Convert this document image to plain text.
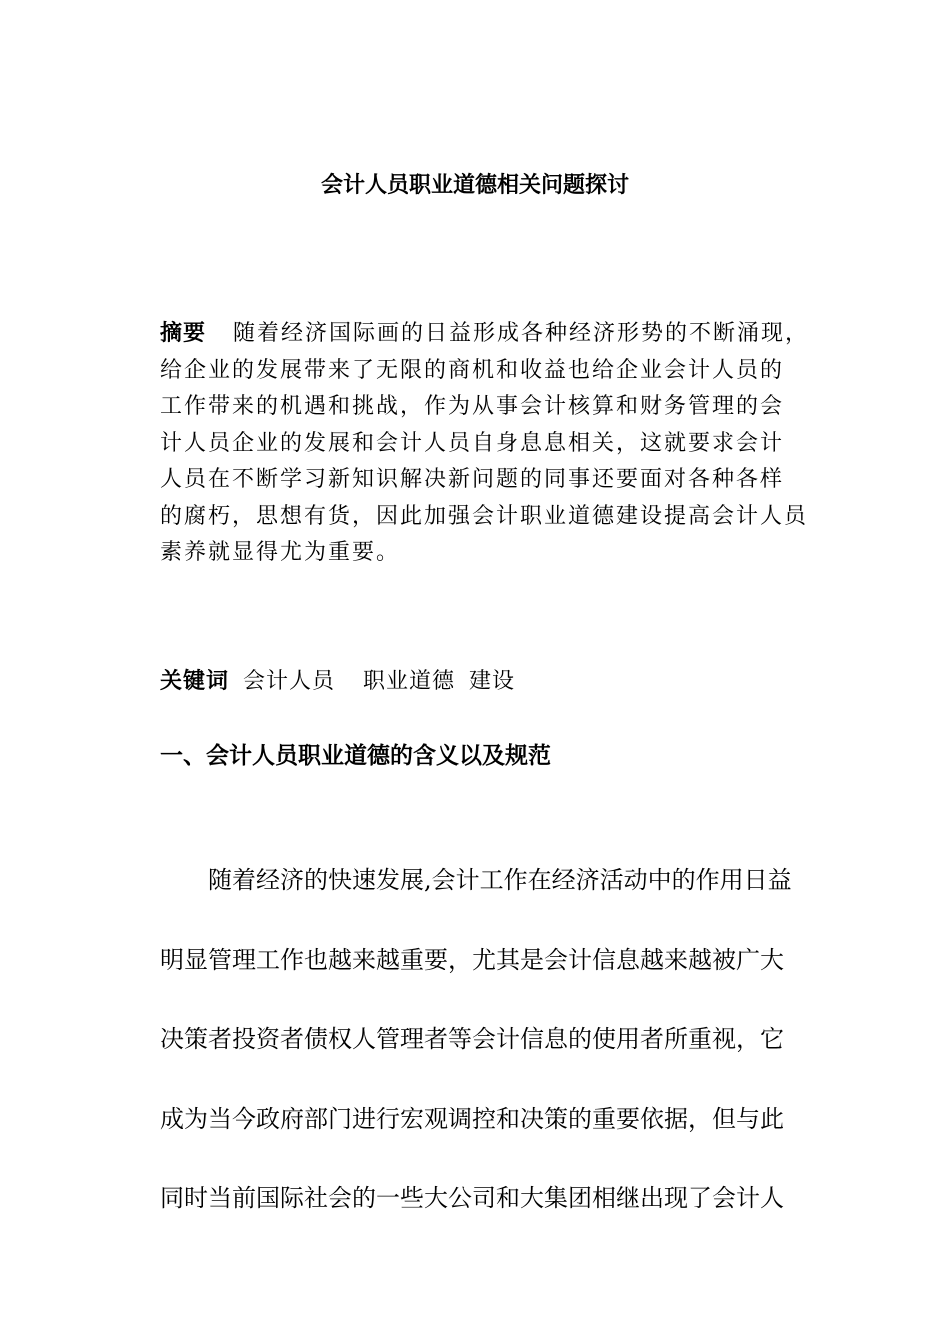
会计人员职业道德相关问题探讨
摘要 随着经济国际画的日益形成各种经济形势的不断涌现，
给企业的发展带来了无限的商机和收益也给企业会计人员的
工作带来的机遇和挑战，作为从事会计核算和财务管理的会
计人员企业的发展和会计人员自身息息相关，这就要求会计
人员在不断学习新知识解决新问题的同事还要面对各种各样
的腐朽，思想有货，因此加强会计职业道德建设提高会计人员
素养就显得尤为重要。
关键词 会计人员 职业道德 建设
一、会计人员职业道德的含义以及规范
随着经济的快速发展,会计工作在经济活动中的作用日益
明显管理工作也越来越重要，尤其是会计信息越来越被广大
决策者投资者债权人管理者等会计信息的使用者所重视，它
成为当今政府部门进行宏观调控和决策的重要依据，但与此
同时当前国际社会的一些大公司和大集团相继出现了会计人
